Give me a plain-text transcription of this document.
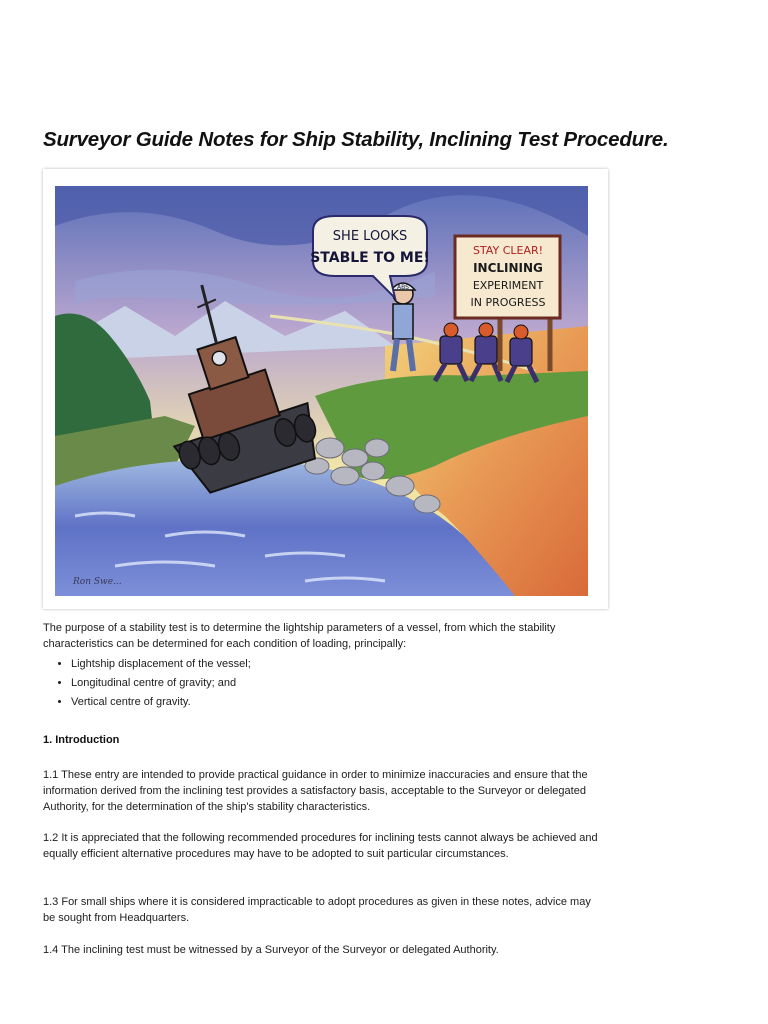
Surveyor Guide Notes for Ship Stability, Inclining Test Procedure.
ABS
STAY CLEAR!
INCLINING
EXPERIMENT
IN PROGRESS
SHE LOOKS
STABLE TO ME!
Ron Swe...

The purpose of a stability test is to determine the lightship parameters of a vessel, from which the stability characteristics can be determined for each condition of loading, principally:

• Lightship displacement of the vessel;
• Longitudinal centre of gravity; and
• Vertical centre of gravity.
1. Introduction

1.1 These entry are intended to provide practical guidance in order to minimize inaccuracies and ensure that the information derived from the inclining test provides a satisfactory basis, acceptable to the Surveyor or delegated Authority, for the determination of the ship's stability characteristics.

1.2 It is appreciated that the following recommended procedures for inclining tests cannot always be achieved and equally efficient alternative procedures may have to be adopted to suit particular circumstances.

1.3 For small ships where it is considered impracticable to adopt procedures as given in these notes, advice may be sought from Headquarters.

1.4 The inclining test must be witnessed by a Surveyor of the Surveyor or delegated Authority.
